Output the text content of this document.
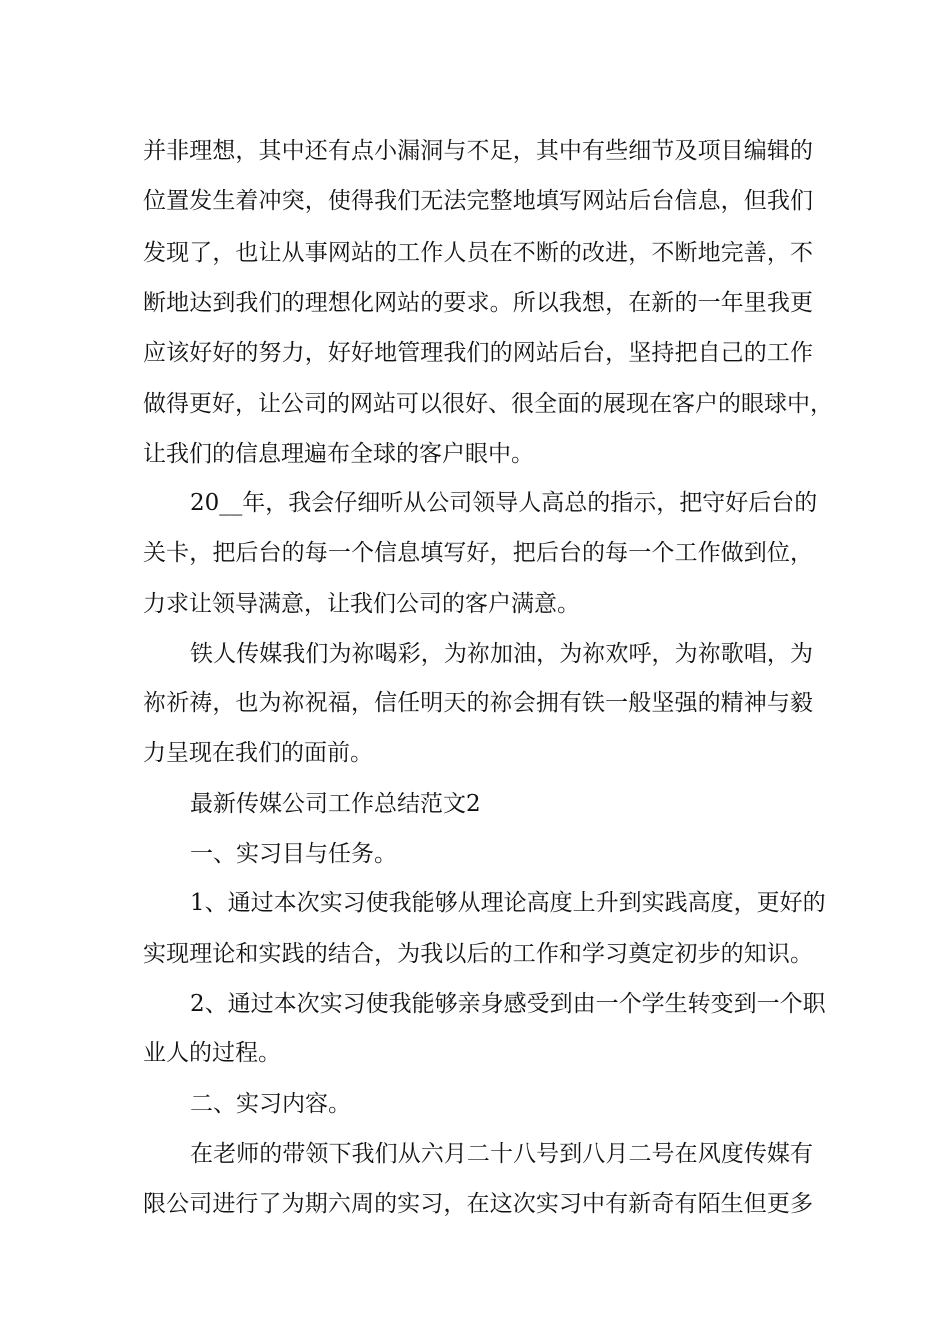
并非理想，其中还有点小漏洞与不足，其中有些细节及项目编辑的
位置发生着冲突，使得我们无法完整地填写网站后台信息，但我们
发现了，也让从事网站的工作人员在不断的改进，不断地完善，不
断地达到我们的理想化网站的要求。所以我想，在新的一年里我更
应该好好的努力，好好地管理我们的网站后台，坚持把自己的工作
做得更好，让公司的网站可以很好、很全面的展现在客户的眼球中，
让我们的信息理遍布全球的客户眼中。
20__年，我会仔细听从公司领导人高总的指示，把守好后台的
关卡，把后台的每一个信息填写好，把后台的每一个工作做到位，
力求让领导满意，让我们公司的客户满意。
铁人传媒我们为祢喝彩，为祢加油，为祢欢呼，为祢歌唱，为
祢祈祷，也为祢祝福，信任明天的祢会拥有铁一般坚强的精神与毅
力呈现在我们的面前。
最新传媒公司工作总结范文2
一、实习目与任务。
1、通过本次实习使我能够从理论高度上升到实践高度，更好的
实现理论和实践的结合，为我以后的工作和学习奠定初步的知识。
2、通过本次实习使我能够亲身感受到由一个学生转变到一个职
业人的过程。
二、实习内容。
在老师的带领下我们从六月二十八号到八月二号在风度传媒有
限公司进行了为期六周的实习，在这次实习中有新奇有陌生但更多
